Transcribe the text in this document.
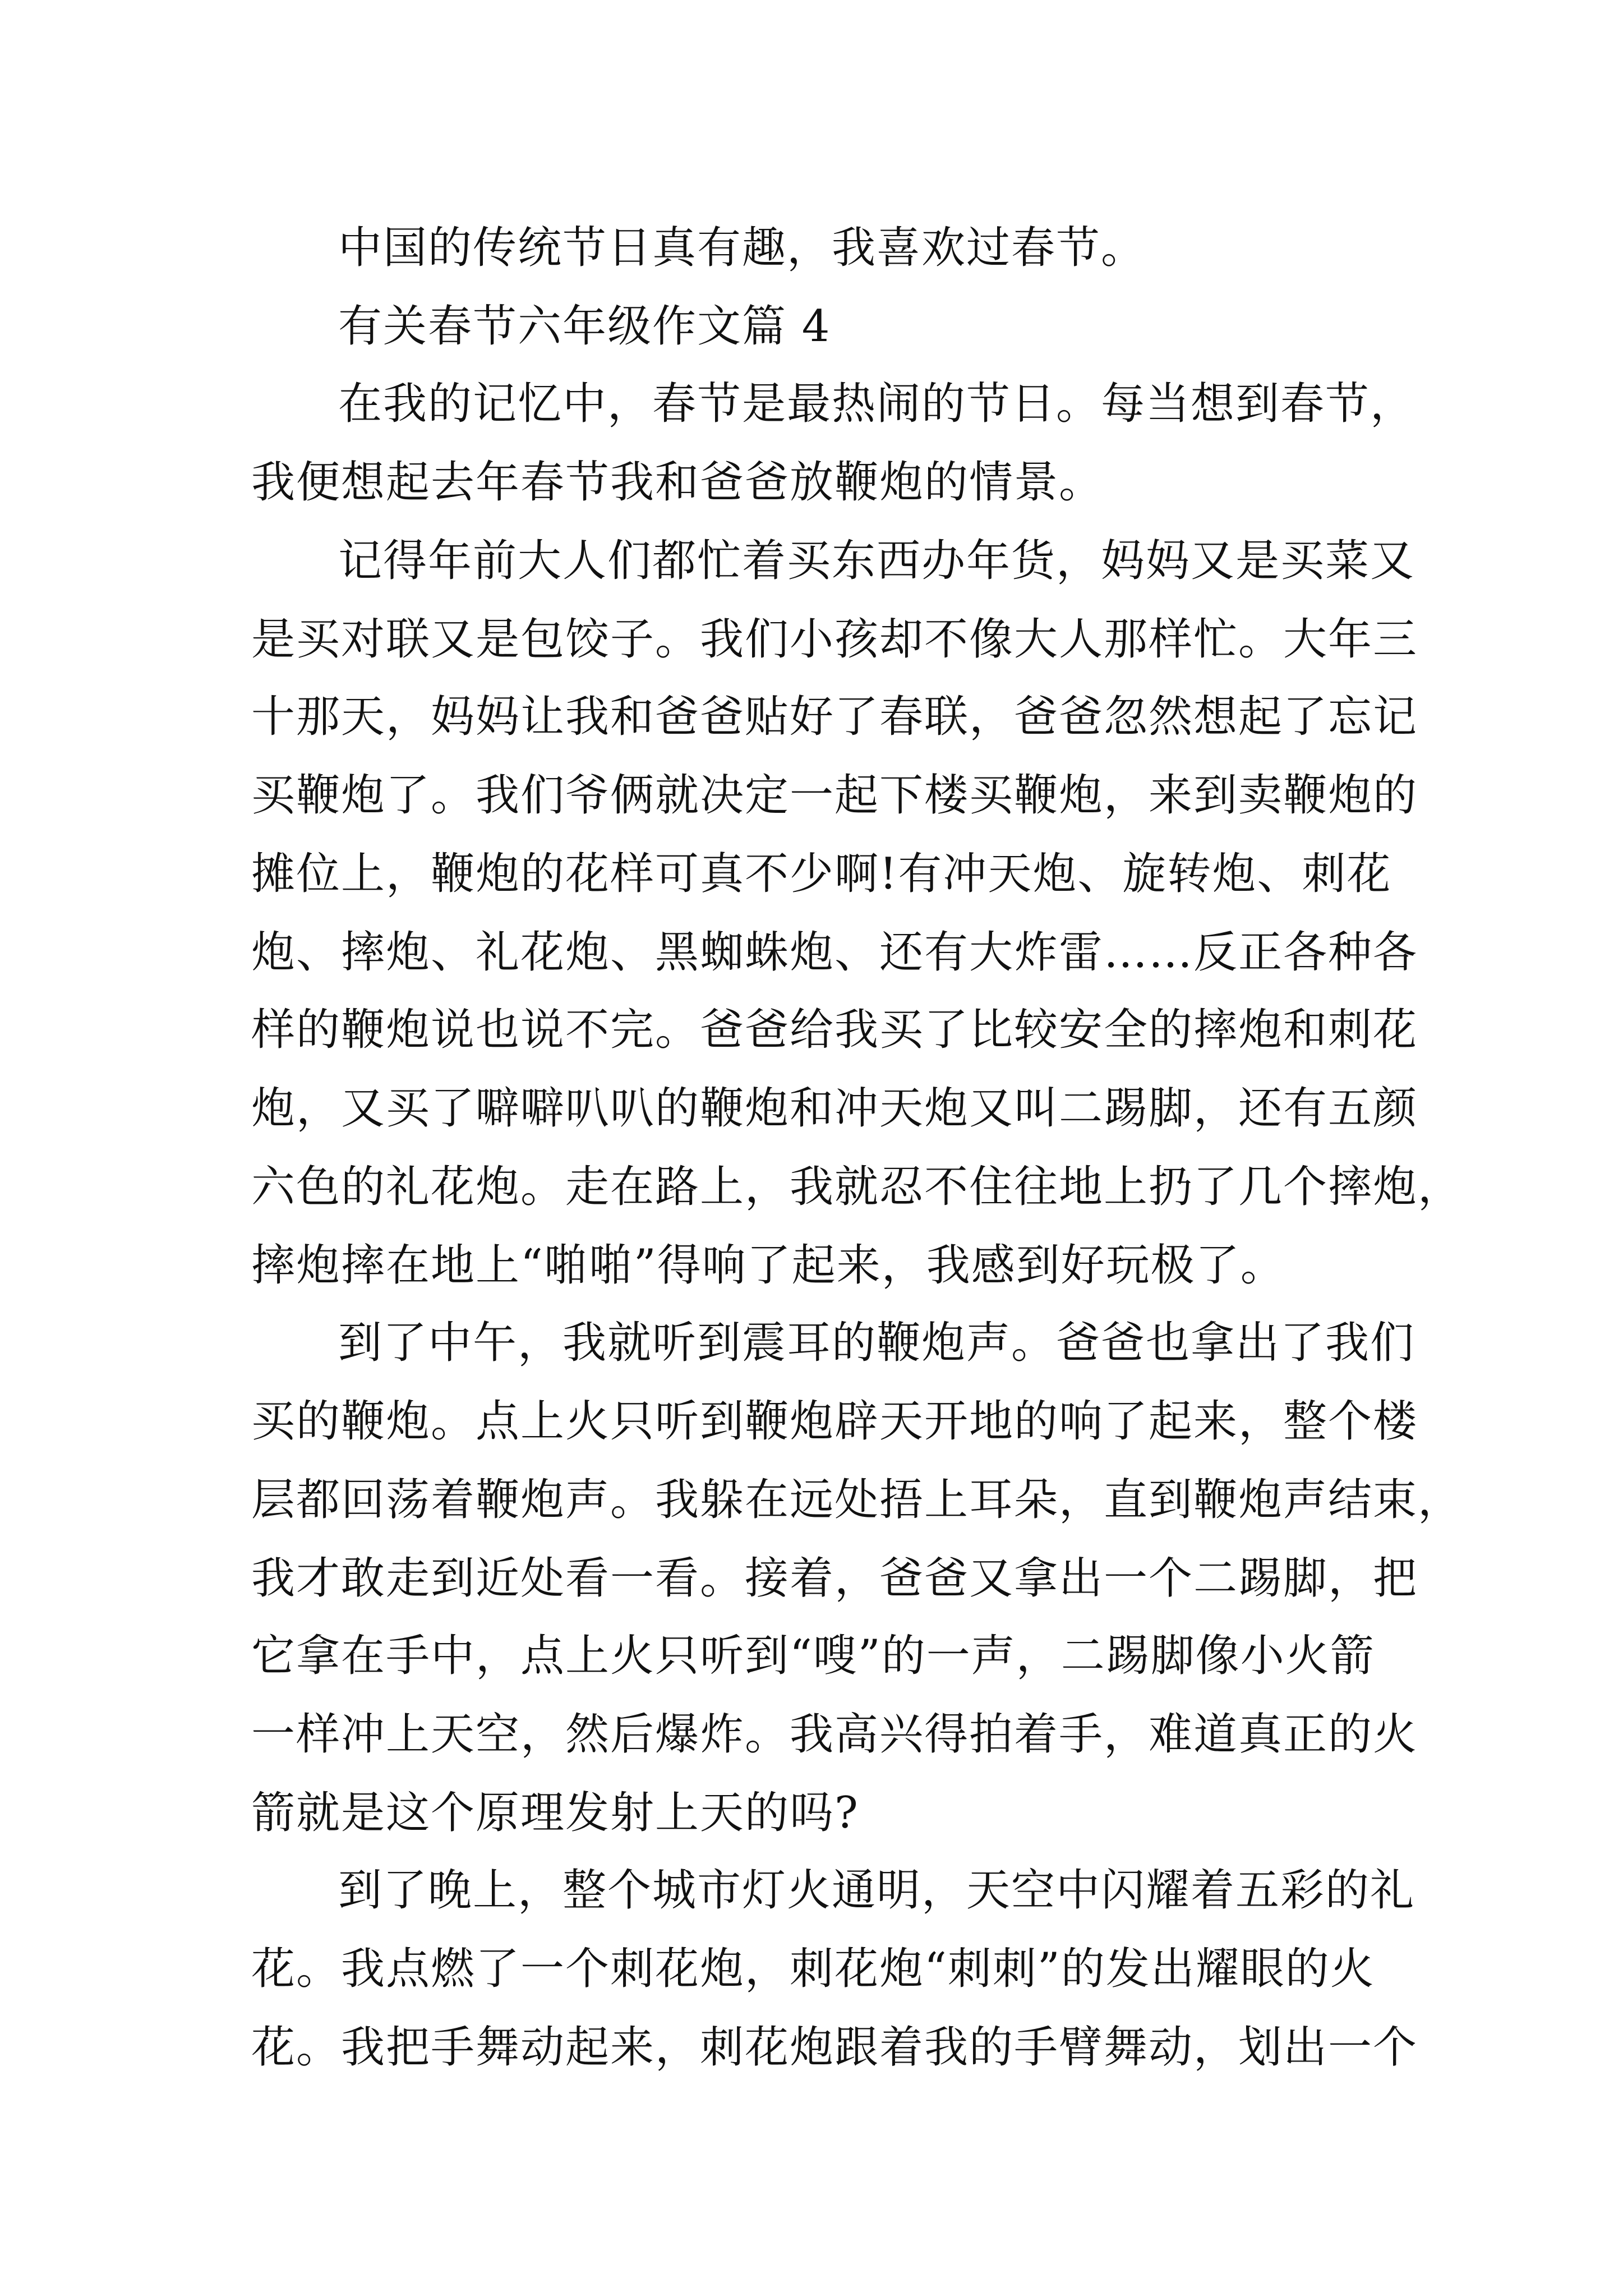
中国的传统节日真有趣，我喜欢过春节。
有关春节六年级作文篇 4
在我的记忆中，春节是最热闹的节日。每当想到春节，
我便想起去年春节我和爸爸放鞭炮的情景。
记得年前大人们都忙着买东西办年货，妈妈又是买菜又
是买对联又是包饺子。我们小孩却不像大人那样忙。大年三
十那天，妈妈让我和爸爸贴好了春联，爸爸忽然想起了忘记
买鞭炮了。我们爷俩就决定一起下楼买鞭炮，来到卖鞭炮的
摊位上，鞭炮的花样可真不少啊!有冲天炮、旋转炮、刺花
炮、摔炮、礼花炮、黑蜘蛛炮、还有大炸雷……反正各种各
样的鞭炮说也说不完。爸爸给我买了比较安全的摔炮和刺花
炮，又买了噼噼叭叭的鞭炮和冲天炮又叫二踢脚，还有五颜
六色的礼花炮。走在路上，我就忍不住往地上扔了几个摔炮，
摔炮摔在地上“啪啪”得响了起来，我感到好玩极了。
到了中午，我就听到震耳的鞭炮声。爸爸也拿出了我们
买的鞭炮。点上火只听到鞭炮辟天开地的响了起来，整个楼
层都回荡着鞭炮声。我躲在远处捂上耳朵，直到鞭炮声结束，
我才敢走到近处看一看。接着，爸爸又拿出一个二踢脚，把
它拿在手中，点上火只听到“嗖”的一声，二踢脚像小火箭
一样冲上天空，然后爆炸。我高兴得拍着手，难道真正的火
箭就是这个原理发射上天的吗?
到了晚上，整个城市灯火通明，天空中闪耀着五彩的礼
花。我点燃了一个刺花炮，刺花炮“刺刺”的发出耀眼的火
花。我把手舞动起来，刺花炮跟着我的手臂舞动，划出一个
